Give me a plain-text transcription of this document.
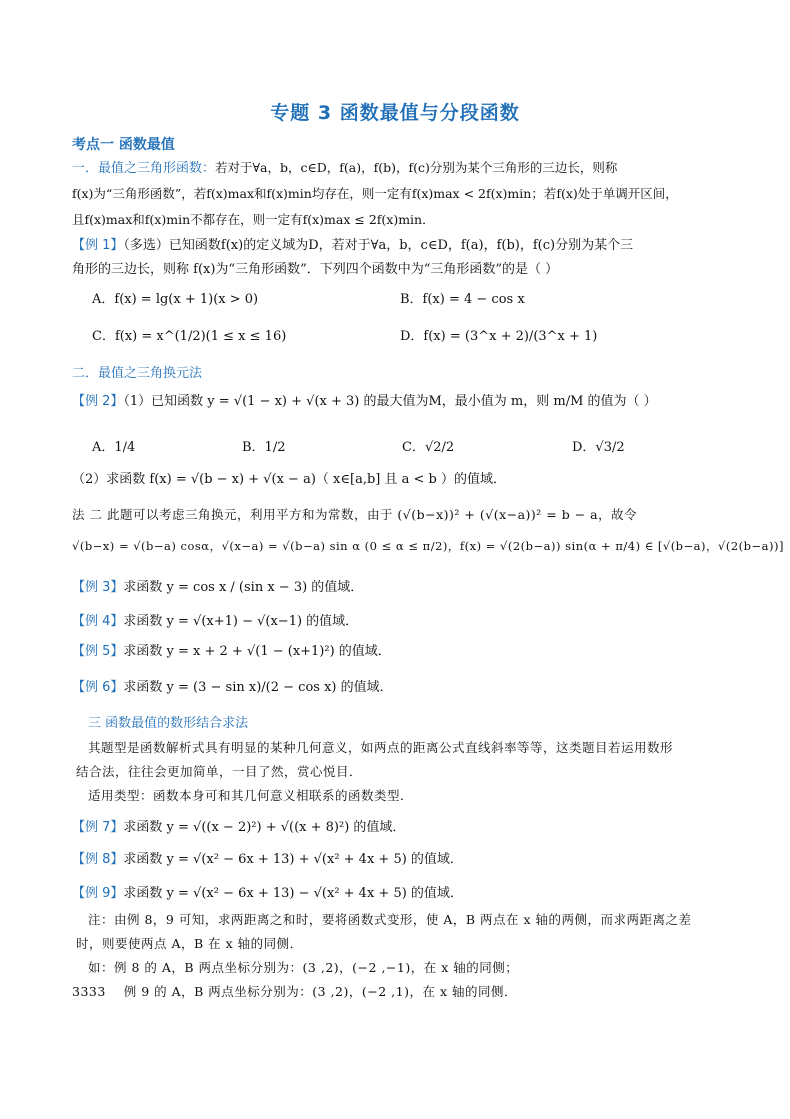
专题 3 函数最值与分段函数
考点一 函数最值
一．最值之三角形函数：若对于∀a，b，c∈D，f(a)，f(b)，f(c)分别为某个三角形的三边长，则称
f(x)为“三角形函数”，若f(x)max和f(x)min均存在，则一定有f(x)max < 2f(x)min；若f(x)处于单调开区间，
且f(x)max和f(x)min不都存在，则一定有f(x)max ≤ 2f(x)min．
【例 1】（多选）已知函数f(x)的定义域为D，若对于∀a，b，c∈D，f(a)，f(b)，f(c)分别为某个三
角形的三边长，则称 f(x)为“三角形函数”．下列四个函数中为“三角形函数”的是（ ）
A．f(x) = lg(x + 1)(x > 0)	B．f(x) = 4 − cos x
C．f(x) = x^(1/2)(1 ≤ x ≤ 16)	D．f(x) = (3^x + 2)/(3^x + 1)
二．最值之三角换元法
【例 2】（1）已知函数 y = √(1 − x) + √(x + 3) 的最大值为M，最小值为 m，则 m/M 的值为（ ）
A．1/4	B．1/2	C．√2/2	D．√3/2
（2）求函数 f(x) = √(b − x) + √(x − a)（ x∈[a,b] 且 a < b ）的值域．
法 二 此题可以考虑三角换元，利用平方和为常数，由于 (√(b−x))² + (√(x−a))² = b − a，故令
√(b−x) = √(b−a) cosα，√(x−a) = √(b−a) sin α (0 ≤ α ≤ π/2)，f(x) = √(2(b−a)) sin(α + π/4) ∈ [√(b−a)，√(2(b−a))]
【例 3】求函数 y = cos x / (sin x − 3) 的值域．
【例 4】求函数 y = √(x+1) − √(x−1) 的值域．
【例 5】求函数 y = x + 2 + √(1 − (x+1)²) 的值域．
【例 6】求函数 y = (3 − sin x)/(2 − cos x) 的值域．
三 函数最值的数形结合求法
其题型是函数解析式具有明显的某种几何意义，如两点的距离公式直线斜率等等，这类题目若运用数形
结合法，往往会更加简单，一目了然，赏心悦目．
适用类型：函数本身可和其几何意义相联系的函数类型．
【例 7】求函数 y = √((x − 2)²) + √((x + 8)²) 的值域．
【例 8】求函数 y = √(x² − 6x + 13) + √(x² + 4x + 5) 的值域．
【例 9】求函数 y = √(x² − 6x + 13) − √(x² + 4x + 5) 的值域．
注：由例 8，9 可知，求两距离之和时，要将函数式变形，使 A，B 两点在 x 轴的两侧，而求两距离之差
时，则要使两点 A，B 在 x 轴的同侧．
如：例 8 的 A，B 两点坐标分别为：(3 ,2)，(−2 ,−1)，在 x 轴的同侧；
3333 例 9 的 A，B 两点坐标分别为：(3 ,2)，(−2 ,1)，在 x 轴的同侧．
